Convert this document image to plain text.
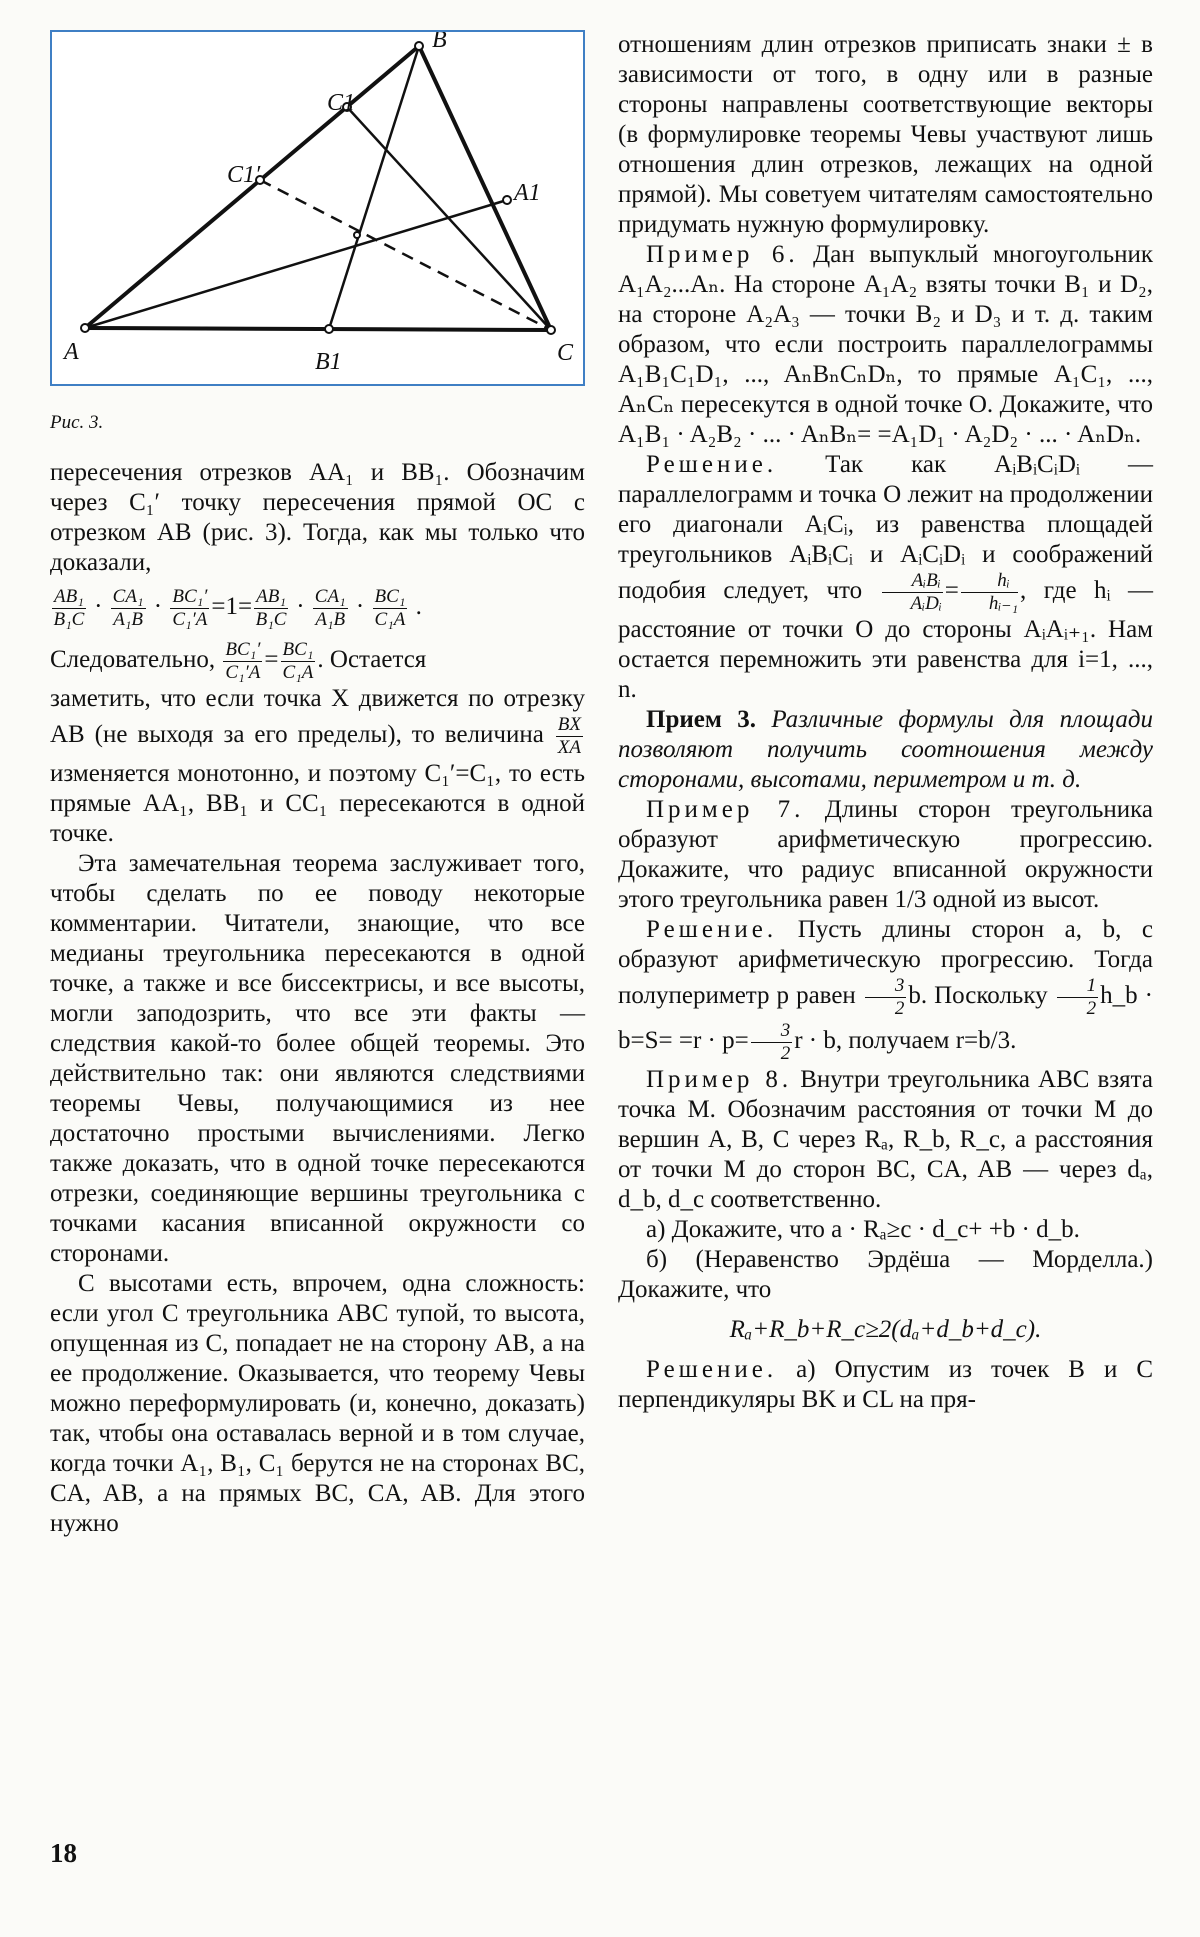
A
B
C
A1
B1
C1
C1′
Рис. 3.

пересечения отрезков AA₁ и BB₁. Обозначим через C₁′ точку пересечения прямой OC с отрезком AB (рис. 3). Тогда, как мы только что доказали,

$\frac{\text{AB₁}}{\text{B₁C}} \cdot \frac{\text{CA₁}}{\text{A₁B}} \cdot \frac{\text{BC₁′}}{\text{C₁′A}} =1= \frac{\text{AB₁}}{\text{B₁C}} \cdot \frac{\text{CA₁}}{\text{A₁B}} \cdot \frac{\text{BC₁}}{\text{C₁A}}$ .

Следовательно, $\frac{\text{BC₁′}}{\text{C₁′A}} = \frac{\text{BC₁}}{\text{C₁A}}$ . Остается

заметить, что если точка X движется по отрезку AB (не выходя за его пределы), то величина $\frac{BX}{XA}$
изменяется монотонно, и поэтому C₁′=C₁, то есть прямые AA₁, BB₁ и CC₁ пересекаются в одной точке.

Эта замечательная теорема заслуживает того, чтобы сделать по ее поводу некоторые комментарии. Читатели, знающие, что все медианы треугольника пересекаются в одной точке, а также и все биссектрисы, и все высоты, могли заподозрить, что все эти факты — следствия какой-то более общей теоремы. Это действительно так: они являются следствиями теоремы Чевы, получающимися из нее достаточно простыми вычислениями. Легко также доказать, что в одной точке пересекаются отрезки, соединяющие вершины треугольника с точками касания вписанной окружности со сторонами.

С высотами есть, впрочем, одна сложность: если угол C треугольника ABC тупой, то высота, опущенная из C, попадает не на сторону AB, а на ее продолжение. Оказывается, что теорему Чевы можно переформулировать (и, конечно, доказать) так, чтобы она оставалась верной и в том случае, когда точки A₁, B₁, C₁ берутся не на сторонах BC, CA, AB, а на прямых BC, CA, AB. Для этого нужно

отношениям длин отрезков приписать знаки ± в зависимости от того, в одну или в разные стороны направлены соответствующие векторы (в формулировке теоремы Чевы участвуют лишь отношения длин отрезков, лежащих на одной прямой). Мы советуем читателям самостоятельно придумать нужную формулировку.

Пример 6. Дан выпуклый многоугольник A₁A₂...Aₙ. На стороне A₁A₂ взяты точки B₁ и D₂, на стороне A₂A₃ — точки B₂ и D₃ и т. д. таким образом, что если построить параллелограммы A₁B₁C₁D₁, ..., AₙBₙCₙDₙ, то прямые A₁C₁, ..., AₙCₙ пересекутся в одной точке O. Докажите, что A₁B₁ · A₂B₂ · ... · AₙBₙ= =A₁D₁ · A₂D₂ · ... · AₙDₙ.

Решение. Так как AᵢBᵢCᵢDᵢ — параллелограмм и точка O лежит на продолжении его диагонали AᵢCᵢ, из равенства площадей треугольников AᵢBᵢCᵢ и AᵢCᵢDᵢ и соображений подобия следует, что $\frac{\text{AᵢBᵢ}}{\text{AᵢDᵢ}} = \frac{\text{hᵢ}}{\text{hᵢ₋₁}}$ , где hᵢ — расстояние от точки O до стороны AᵢAᵢ₊₁. Нам остается перемножить эти равенства для i=1, ..., n.

Прием 3. Различные формулы для площади позволяют получить соотношения между сторонами, высотами, периметром и т. д.

Пример 7. Длины сторон треугольника образуют арифметическую прогрессию. Докажите, что радиус вписанной окружности этого треугольника равен 1/3 одной из высот.

Решение. Пусть длины сторон a, b, c образуют арифметическую прогрессию. Тогда полупериметр p равен $\frac{3}{2} b$. Поскольку $\frac{1}{2}$ h_b · $b=S= =r \cdot p= \frac{3}{2}$ r · b, получаем r=b/3.

Пример 8. Внутри треугольника ABC взята точка M. Обозначим расстояния от точки M до вершин A, B, C через Rₐ, R_b, R_c, а расстояния от точки M до сторон BC, CA, AB — через dₐ, d_b, d_c соответственно.

а) Докажите, что a · Rₐ≥c · d_c+ +b · d_b.

б) (Неравенство Эрдёша — Морделла.) Докажите, что

Rₐ+R_b+R_c≥2(dₐ+d_b+d_c).

Решение. а) Опустим из точек B и C перпендикуляры BK и CL на пря-

18
